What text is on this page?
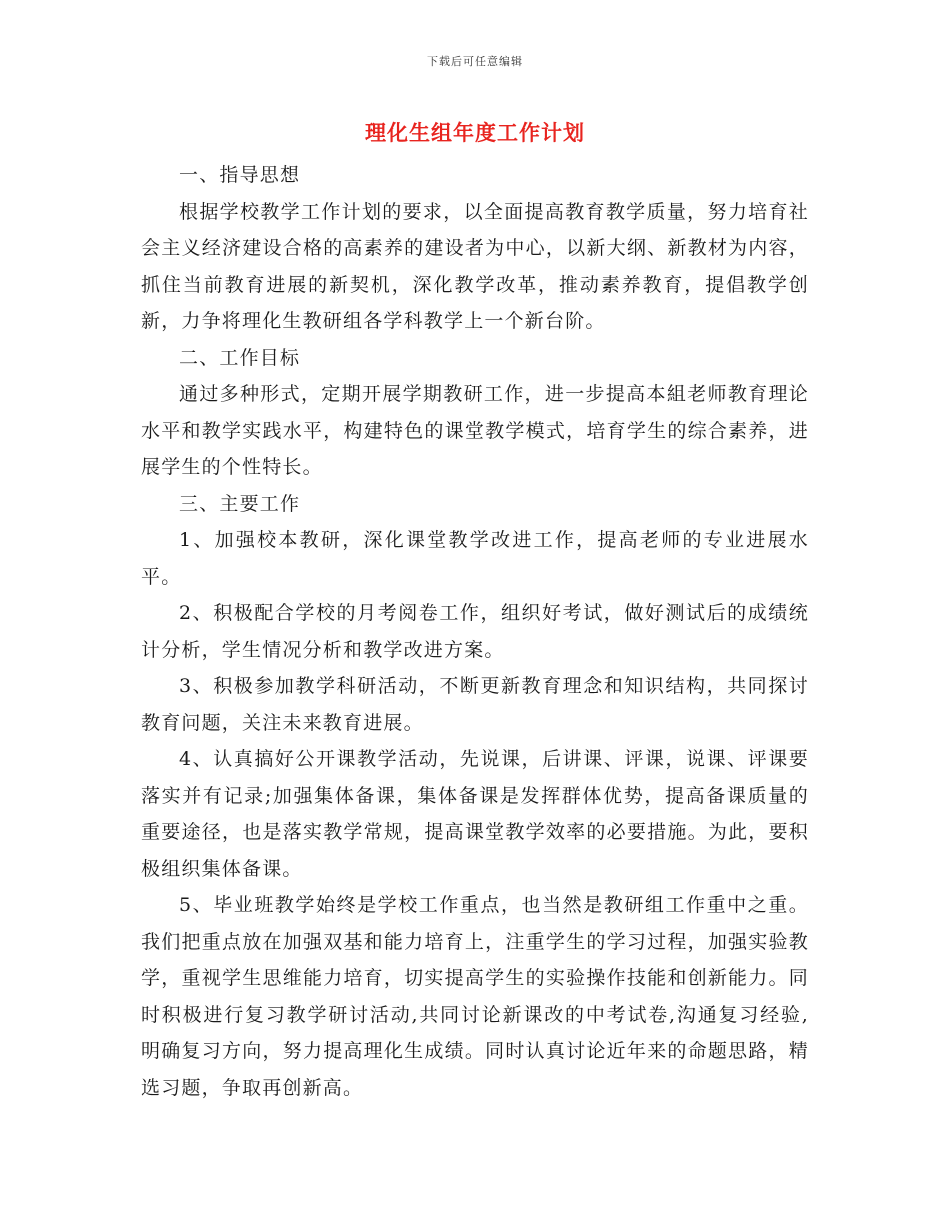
下载后可任意编辑
理化生组年度工作计划

一、指导思想

根据学校教学工作计划的要求，以全面提高教育教学质量，努力培育社会主义经济建设合格的高素养的建设者为中心，以新大纲、新教材为内容，抓住当前教育进展的新契机，深化教学改革，推动素养教育，提倡教学创新，力争将理化生教研组各学科教学上一个新台阶。

二、工作目标

通过多种形式，定期开展学期教研工作，进一步提高本組老师教育理论水平和教学实践水平，构建特色的课堂教学模式，培育学生的综合素养，进展学生的个性特长。

三、主要工作

1、加强校本教研，深化课堂教学改进工作，提高老师的专业进展水平。

2、积极配合学校的月考阅卷工作，组织好考试，做好测试后的成绩统计分析，学生情况分析和教学改进方案。

3、积极参加教学科研活动，不断更新教育理念和知识结构，共同探讨教育问题，关注未来教育进展。

4、认真搞好公开课教学活动，先说课，后讲课、评课，说课、评课要落实并有记录;加强集体备课，集体备课是发挥群体优势，提高备课质量的重要途径，也是落实教学常规，提高课堂教学效率的必要措施。为此，要积极组织集体备课。

5、毕业班教学始终是学校工作重点，也当然是教研组工作重中之重。我们把重点放在加强双基和能力培育上，注重学生的学习过程，加强实验教学，重视学生思维能力培育，切实提高学生的实验操作技能和创新能力。同时积极进行复习教学研讨活动,共同讨论新课改的中考试卷,沟通复习经验,明确复习方向，努力提高理化生成绩。同时认真讨论近年来的命题思路，精选习题，争取再创新高。
